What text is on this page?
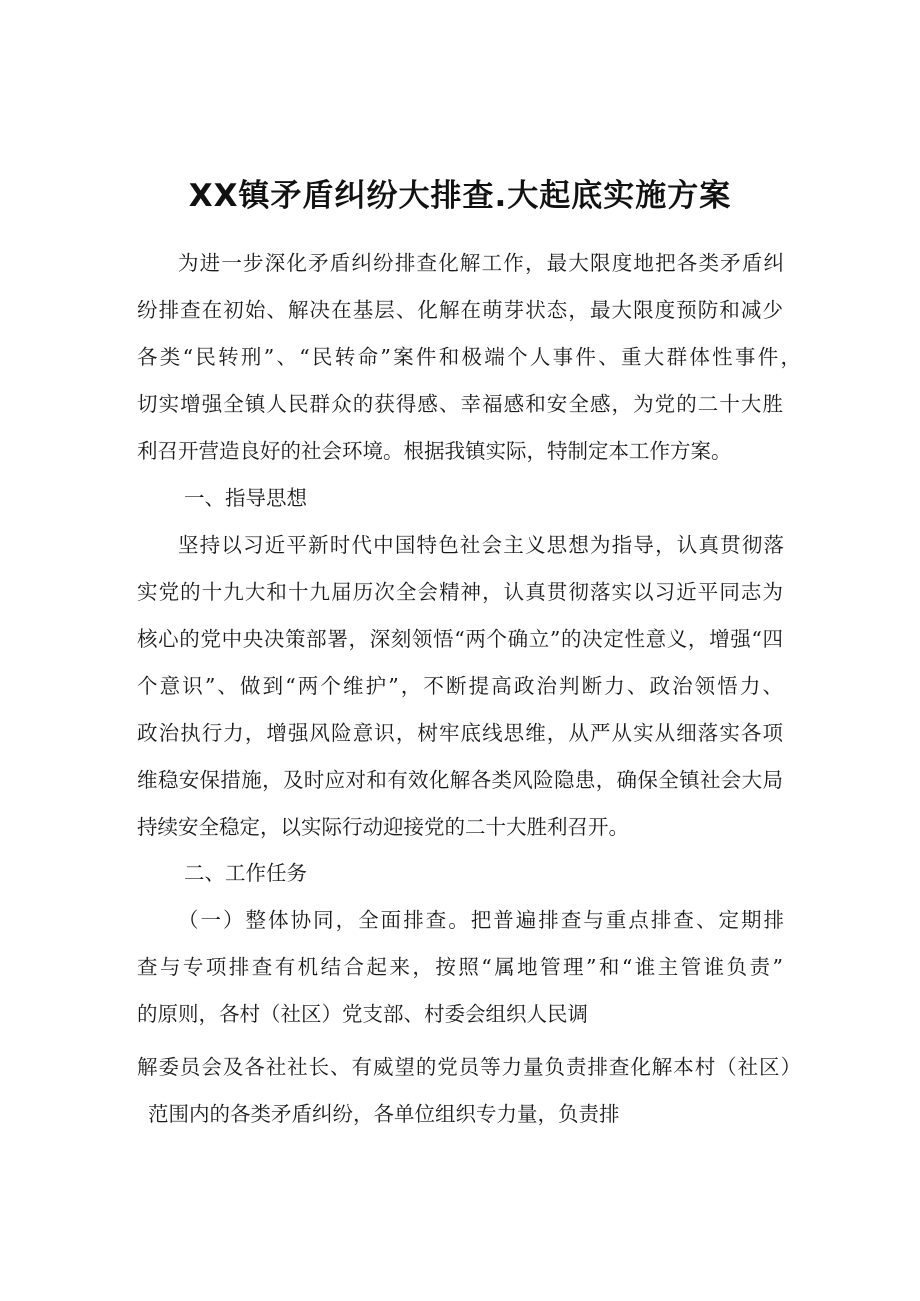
XX镇矛盾纠纷大排查.大起底实施方案
为进一步深化矛盾纠纷排查化解工作，最大限度地把各类矛盾纠
纷排查在初始、解决在基层、化解在萌芽状态，最大限度预防和减少
各类“民转刑”、“民转命”案件和极端个人事件、重大群体性事件，
切实增强全镇人民群众的获得感、幸福感和安全感，为党的二十大胜
利召开营造良好的社会环境。根据我镇实际，特制定本工作方案。
一、指导思想
坚持以习近平新时代中国特色社会主义思想为指导，认真贯彻落
实党的十九大和十九届历次全会精神，认真贯彻落实以习近平同志为
核心的党中央决策部署，深刻领悟“两个确立”的决定性意义，增强“四
个意识”、做到“两个维护”，不断提高政治判断力、政治领悟力、
政治执行力，增强风险意识，树牢底线思维，从严从实从细落实各项
维稳安保措施，及时应对和有效化解各类风险隐患，确保全镇社会大局
持续安全稳定，以实际行动迎接党的二十大胜利召开。
二、工作任务
（一）整体协同，全面排查。把普遍排查与重点排查、定期排
查与专项排查有机结合起来，按照“属地管理”和“谁主管谁负责”
的原则，各村（社区）党支部、村委会组织人民调
解委员会及各社社长、有威望的党员等力量负责排查化解本村（社区）
范围内的各类矛盾纠纷，各单位组织专力量，负责排
